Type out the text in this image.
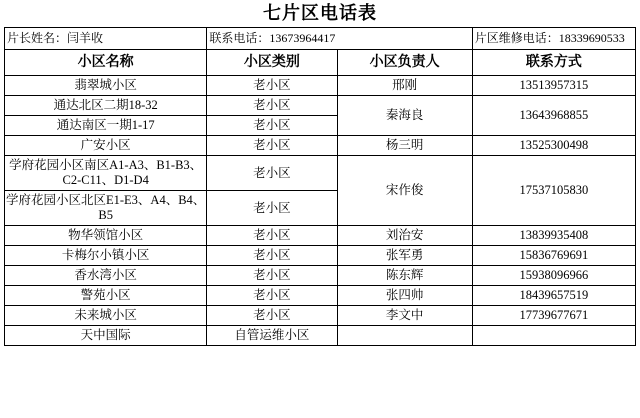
七片区电话表
片长姓名：闫羊收	联系电话：13673964417		片区维修电话：18339690533
小区名称	小区类别	小区负责人	联系方式
翡翠城小区	老小区	邢刚	13513957315
通达北区二期18-32	老小区	秦海良	13643968855
通达南区一期1-17	老小区		
广安小区	老小区	杨三明	13525300498
学府花园小区南区A1-A3、B1-B3、C2-C11、D1-D4	老小区	宋作俊	17537105830
学府花园小区北区E1-E3、A4、B4、B5	老小区		
物华领馆小区	老小区	刘治安	13839935408
卡梅尔小镇小区	老小区	张军勇	15836769691
香水湾小区	老小区	陈东辉	15938096966
警苑小区	老小区	张四帅	18439657519
未来城小区	老小区	李文中	17739677671
天中国际	自管运维小区		
